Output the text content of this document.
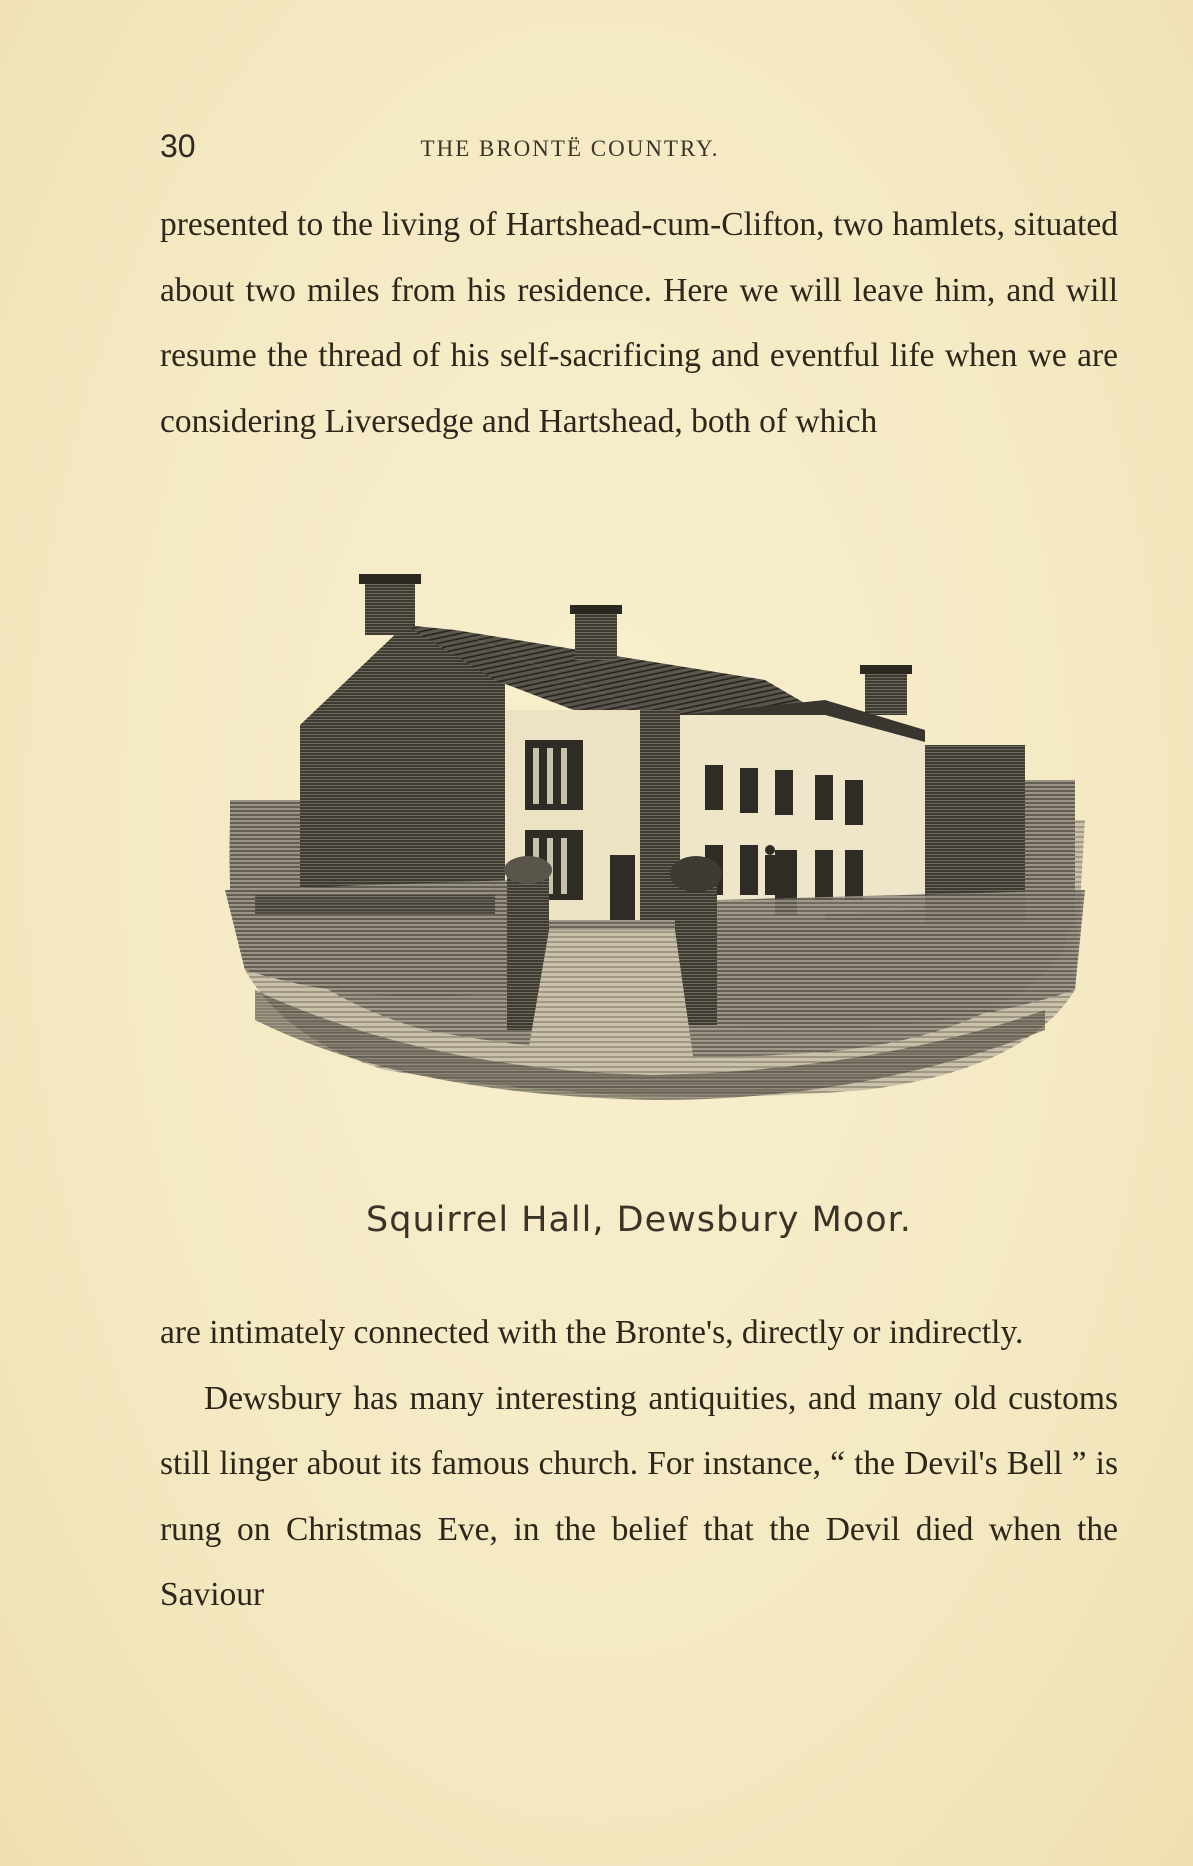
30	THE BRONTË COUNTRY.

presented to the living of Hartshead-cum-Clifton, two hamlets, situated about two miles from his residence. Here we will leave him, and will resume the thread of his self-sacrificing and eventful life when we are considering Liversedge and Hartshead, both of which

Squirrel Hall, Dewsbury Moor.

are intimately connected with the Bronte's, directly or indirectly.

Dewsbury has many interesting antiquities, and many old customs still linger about its famous church. For instance, “ the Devil's Bell ” is rung on Christmas Eve, in the belief that the Devil died when the Saviour
